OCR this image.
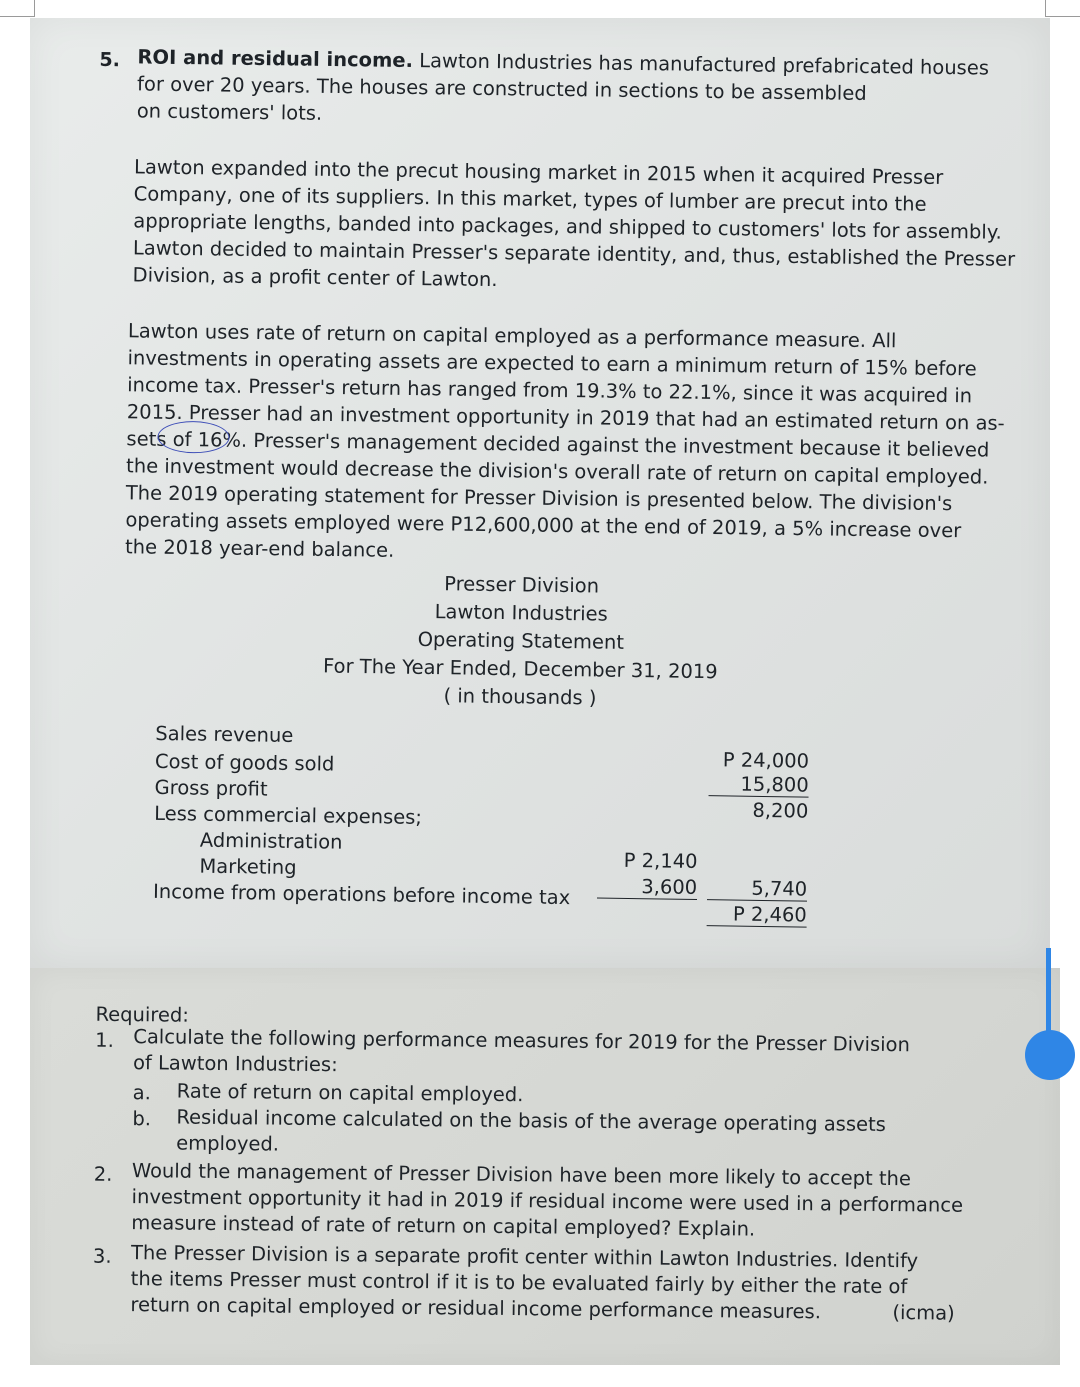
5. ROI and residual income. Lawton Industries has manufactured prefabricated houses

for over 20 years. The houses are constructed in sections to be assembled

on customers' lots.

Lawton expanded into the precut housing market in 2015 when it acquired Presser

Company, one of its suppliers. In this market, types of lumber are precut into the

appropriate lengths, banded into packages, and shipped to customers' lots for assembly.

Lawton decided to maintain Presser's separate identity, and, thus, established the Presser

Division, as a profit center of Lawton.

Lawton uses rate of return on capital employed as a performance measure. All

investments in operating assets are expected to earn a minimum return of 15% before

income tax. Presser's return has ranged from 19.3% to 22.1%, since it was acquired in

2015. Presser had an investment opportunity in 2019 that had an estimated return on as-

sets of 16%. Presser's management decided against the investment because it believed

the investment would decrease the division's overall rate of return on capital employed.

The 2019 operating statement for Presser Division is presented below. The division's

operating assets employed were P12,600,000 at the end of 2019, a 5% increase over

the 2018 year-end balance.

Presser Division
Lawton Industries
Operating Statement
For The Year Ended, December 31, 2019
( in thousands )
Sales revenue
Cost of goods sold
Gross profit
Less commercial expenses;
Administration
Marketing
Income from operations before income tax
P 24,000
15,800
8,200
P 2,140
3,600	5,740
P 2,460
Required:
1. Calculate the following performance measures for 2019 for the Presser Division
of Lawton Industries:
a. Rate of return on capital employed.
b. Residual income calculated on the basis of the average operating assets
employed.
2. Would the management of Presser Division have been more likely to accept the
investment opportunity it had in 2019 if residual income were used in a performance
measure instead of rate of return on capital employed? Explain.
3. The Presser Division is a separate profit center within Lawton Industries. Identify
the items Presser must control if it is to be evaluated fairly by either the rate of
return on capital employed or residual income performance measures.	(icma)
